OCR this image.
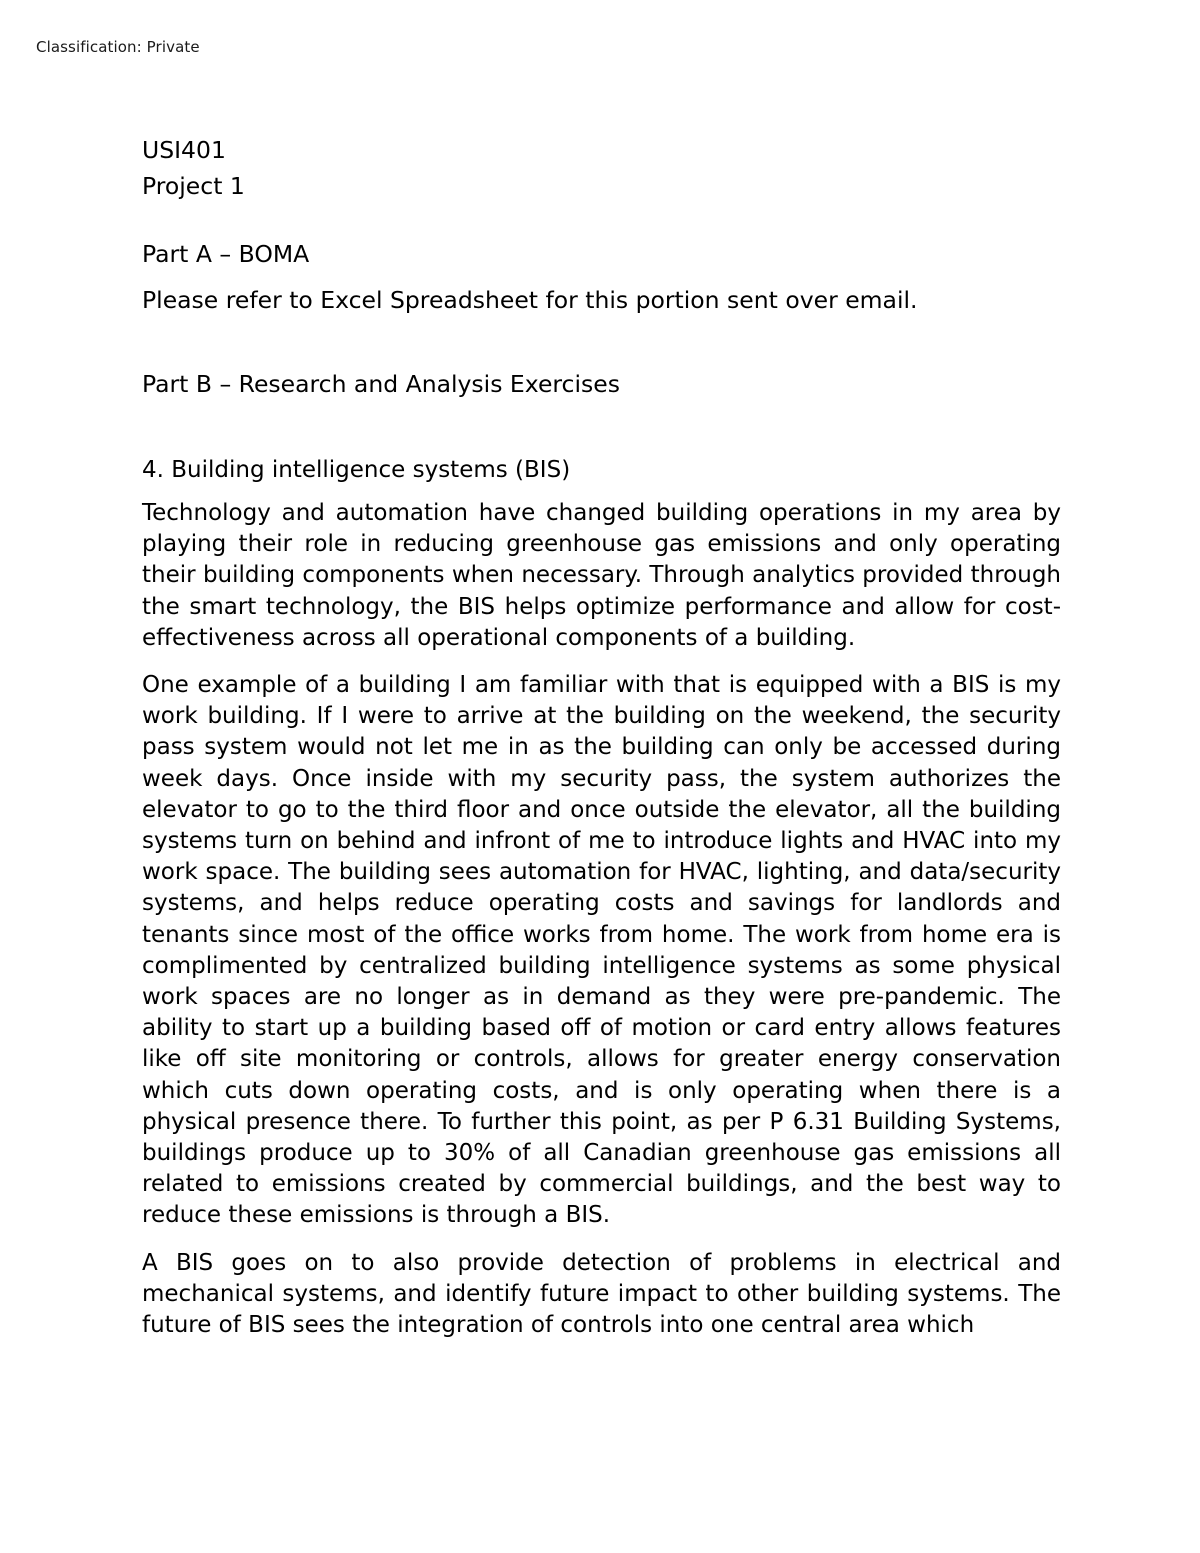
Classification: Private
USI401
Project 1
Part A – BOMA
Please refer to Excel Spreadsheet for this portion sent over email.
Part B – Research and Analysis Exercises
4. Building intelligence systems (BIS)

Technology and automation have changed building operations in my area by playing their role in reducing greenhouse gas emissions and only operating their building components when necessary. Through analytics provided through the smart technology, the BIS helps optimize performance and allow for cost-effectiveness across all operational components of a building.

One example of a building I am familiar with that is equipped with a BIS is my work building. If I were to arrive at the building on the weekend, the security pass system would not let me in as the building can only be accessed during week days. Once inside with my security pass, the system authorizes the elevator to go to the third floor and once outside the elevator, all the building systems turn on behind and infront of me to introduce lights and HVAC into my work space. The building sees automation for HVAC, lighting, and data/security systems, and helps reduce operating costs and savings for landlords and tenants since most of the office works from home. The work from home era is complimented by centralized building intelligence systems as some physical work spaces are no longer as in demand as they were pre-pandemic. The ability to start up a building based off of motion or card entry allows features like off site monitoring or controls, allows for greater energy conservation which cuts down operating costs, and is only operating when there is a physical presence there. To further this point, as per P 6.31 Building Systems, buildings produce up to 30% of all Canadian greenhouse gas emissions all related to emissions created by commercial buildings, and the best way to reduce these emissions is through a BIS.

A BIS goes on to also provide detection of problems in electrical and mechanical systems, and identify future impact to other building systems. The future of BIS sees the integration of controls into one central area which
